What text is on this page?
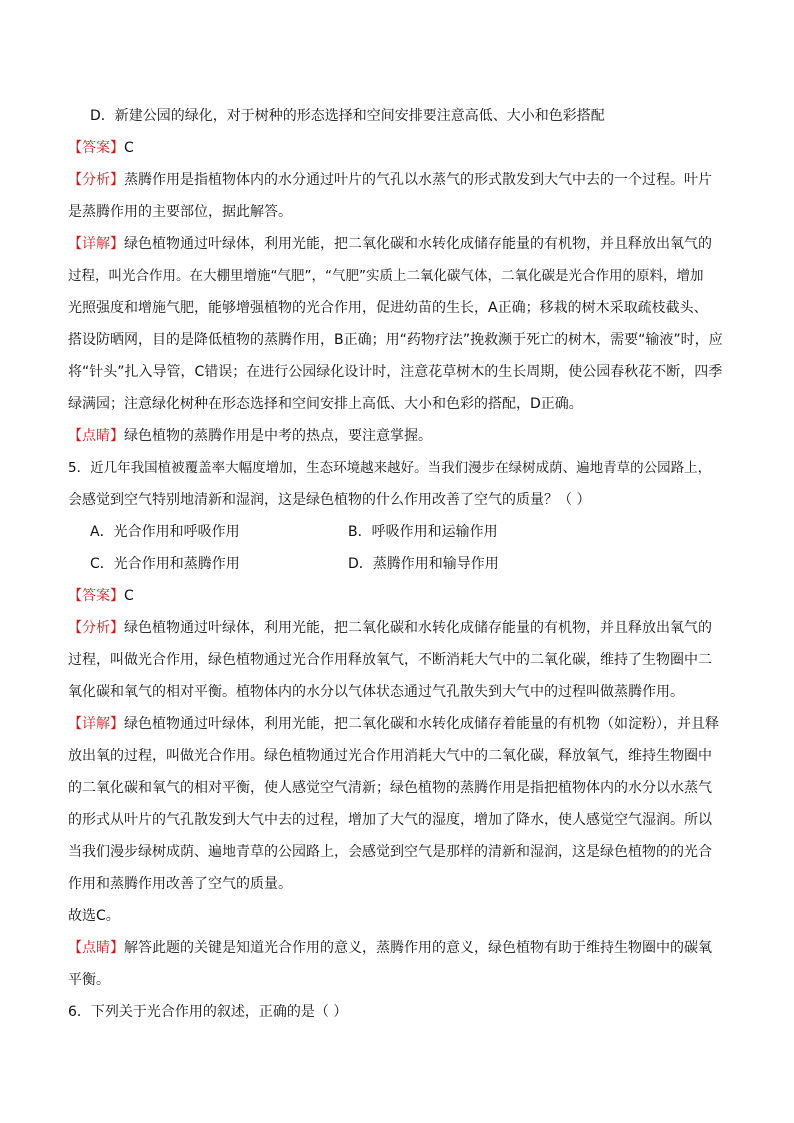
D．新建公园的绿化，对于树种的形态选择和空间安排要注意高低、大小和色彩搭配
【答案】C
【分析】蒸腾作用是指植物体内的水分通过叶片的气孔以水蒸气的形式散发到大气中去的一个过程。叶片
是蒸腾作用的主要部位，据此解答。
【详解】绿色植物通过叶绿体，利用光能，把二氧化碳和水转化成储存能量的有机物，并且释放出氧气的
过程，叫光合作用。在大棚里增施“气肥”，“气肥”实质上二氧化碳气体，二氧化碳是光合作用的原料，增加
光照强度和增施气肥，能够增强植物的光合作用，促进幼苗的生长，A正确；移栽的树木采取疏枝截头、
搭设防晒网，目的是降低植物的蒸腾作用，B正确；用“药物疗法”挽救濒于死亡的树木，需要“输液”时，应
将“针头”扎入导管，C错误；在进行公园绿化设计时，注意花草树木的生长周期，使公园春秋花不断，四季
绿满园；注意绿化树种在形态选择和空间安排上高低、大小和色彩的搭配，D正确。
【点睛】绿色植物的蒸腾作用是中考的热点，要注意掌握。
5．近几年我国植被覆盖率大幅度增加，生态环境越来越好。当我们漫步在绿树成荫、遍地青草的公园路上，
会感觉到空气特别地清新和湿润，这是绿色植物的什么作用改善了空气的质量？（ ）
A．光合作用和呼吸作用	B．呼吸作用和运输作用
C．光合作用和蒸腾作用	D．蒸腾作用和输导作用
【答案】C
【分析】绿色植物通过叶绿体，利用光能，把二氧化碳和水转化成储存能量的有机物，并且释放出氧气的
过程，叫做光合作用，绿色植物通过光合作用释放氧气，不断消耗大气中的二氧化碳，维持了生物圈中二
氧化碳和氧气的相对平衡。植物体内的水分以气体状态通过气孔散失到大气中的过程叫做蒸腾作用。
【详解】绿色植物通过叶绿体，利用光能，把二氧化碳和水转化成储存着能量的有机物（如淀粉），并且释
放出氧的过程，叫做光合作用。绿色植物通过光合作用消耗大气中的二氧化碳，释放氧气，维持生物圈中
的二氧化碳和氧气的相对平衡，使人感觉空气清新；绿色植物的蒸腾作用是指把植物体内的水分以水蒸气
的形式从叶片的气孔散发到大气中去的过程，增加了大气的湿度，增加了降水，使人感觉空气湿润。所以
当我们漫步绿树成荫、遍地青草的公园路上，会感觉到空气是那样的清新和湿润，这是绿色植物的的光合
作用和蒸腾作用改善了空气的质量。
故选C。
【点睛】解答此题的关键是知道光合作用的意义，蒸腾作用的意义，绿色植物有助于维持生物圈中的碳氧
平衡。
6．下列关于光合作用的叙述，正确的是（ ）
